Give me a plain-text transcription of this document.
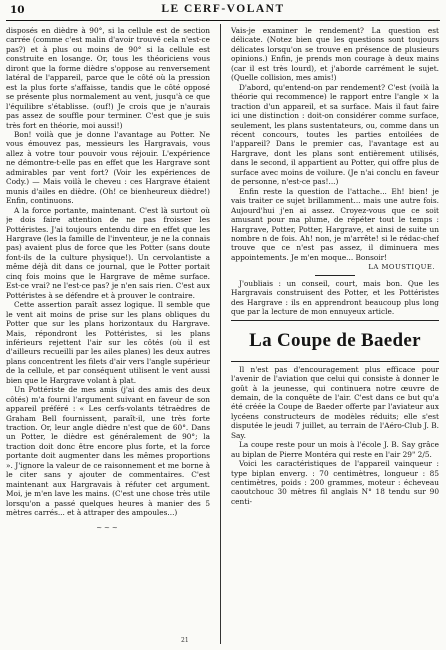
10	LE CERF-VOLANT

disposés en dièdre à 90°, si la cellule est de section carrée (comme c'est malin d'avoir trouvé cela n'est-ce pas?) et à plus ou moins de 90° si la cellule est construite en losange. Or, tous les théoriciens vous diront que la forme dièdre s'oppose au renversement latéral de l'appareil, parce que le côté où la pression est la plus forte s'affaisse, tandis que le côté opposé se présente plus normalement au vent, jusqu'à ce que l'équilibre s'établisse. (ouf!) Je crois que je n'aurais pas assez de souffle pour terminer. C'est que je suis très fort en théorie, moi aussi!)

Bon! voilà que je donne l'avantage au Potter. Ne vous émouvez pas, messieurs les Hargravais, vous allez à votre tour pouvoir vous réjouir. L'expérience ne démontre-t-elle pas en effet que les Hargrave sont admirables par vent fort? (Voir les expériences de Cody.) — Mais voilà le cheveu : ces Hargrave étaient munis d'ailes en dièdre. (Oh! ce bienheureux dièdre!) Enfin, continuons.

A la force portante, maintenant. C'est là surtout où je dois faire attention de ne pas froisser les Pottéristes. J'ai toujours entendu dire en effet que les Hargrave (les la famille de l'inventeur, je ne la connais pas) avaient plus de force que les Potter (sans doute font-ils de la culture physique!). Un cervolantiste a même déjà dit dans ce journal, que le Potter portait cinq fois moins que le Hargrave de même surface. Est-ce vrai? ne l'est-ce pas? je n'en sais rien. C'est aux Pottéristes à se défendre et à prouver le contraire.

Cette assertion paraît assez logique. Il semble que le vent ait moins de prise sur les plans obliques du Potter que sur les plans horizontaux du Hargrave. Mais, répondront les Pottéristes, si les plans inférieurs rejettent l'air sur les côtés (où il est d'ailleurs recueilli par les ailes planes) les deux autres plans concentrent les filets d'air vers l'angle supérieur de la cellule, et par conséquent utilisent le vent aussi bien que le Hargrave volant à plat.

Un Pottériste de mes amis (j'ai des amis des deux côtés) m'a fourni l'argument suivant en faveur de son appareil préféré : « Les cerfs-volants tétraèdres de Graham Bell fournissent, paraît-il, une très forte traction. Or, leur angle dièdre n'est que de 60°. Dans un Potter, le dièdre est généralement de 90°; la traction doit donc être encore plus forte, et la force portante doit augmenter dans les mêmes proportions ». J'ignore la valeur de ce raisonnement et me borne à le citer sans y ajouter de commentaires. C'est maintenant aux Hargravais à réfuter cet argument. Moi, je m'en lave les mains. (C'est une chose très utile lorsqu'on a passé quelques heures à manier des 5 mètres carrés... et à attraper des ampoules...)

~~~

Vais-je examiner le rendement? La question est délicate. (Notez bien que les questions sont toujours délicates lorsqu'on se trouve en présence de plusieurs opinions.) Enfin, je prends mon courage à deux mains (car il est très lourd), et j'aborde carrément le sujet. (Quelle collision, mes amis!)

D'abord, qu'entend-on par rendement? C'est (voilà la théorie qui recommence) le rapport entre l'angle × la traction d'un appareil, et sa surface. Mais il faut faire ici une distinction : doit-on considérer comme surface, seulement, les plans sustentateurs, ou, comme dans un récent concours, toutes les parties entoilées de l'appareil? Dans le premier cas, l'avantage est au Hargrave, dont les plans sont entièrement utilisés, dans le second, il appartient au Potter, qui offre plus de surface avec moins de voilure. (Je n'ai conclu en faveur de personne, n'est-ce pas!...)

Enfin reste la question de l'attache... Eh! bien! je vais traiter ce sujet brillamment... mais une autre fois. Aujourd'hui j'en ai assez. Croyez-vous que ce soit amusant pour ma plume, de répéter tout le temps : Hargrave, Potter, Potter, Hargrave, et ainsi de suite un nombre n de fois. Ah! non, je m'arrête! si le rédac-chef trouve que ce n'est pas assez, il diminuera mes appointements. Je m'en moque... Bonsoir!

LA MOUSTIQUE.

J'oubliais : un conseil, court, mais bon. Que les Hargravais construisent des Potter, et les Pottéristes des Hargrave : ils en apprendront beaucoup plus long que par la lecture de mon ennuyeux article.

La Coupe de Baeder

Il n'est pas d'encouragement plus efficace pour l'avenir de l'aviation que celui qui consiste à donner le goût à la jeunesse, qui continuera notre œuvre de demain, de la conquête de l'air. C'est dans ce but qu'a été créée la Coupe de Baeder offerte par l'aviateur aux lycéens constructeurs de modèles réduits; elle s'est disputée le jeudi 7 juillet, au terrain de l'Aéro-Club J. B. Say.

La coupe reste pour un mois à l'école J. B. Say grâce au biplan de Pierre Montéra qui reste en l'air 29" 2/5.

Voici les caractéristiques de l'appareil vainqueur : type biplan enverg. : 70 centimètres, longueur : 85 centimètres, poids : 200 grammes, moteur : écheveau caoutchouc 30 mètres fil anglais N° 18 tendu sur 90 centi-

21
